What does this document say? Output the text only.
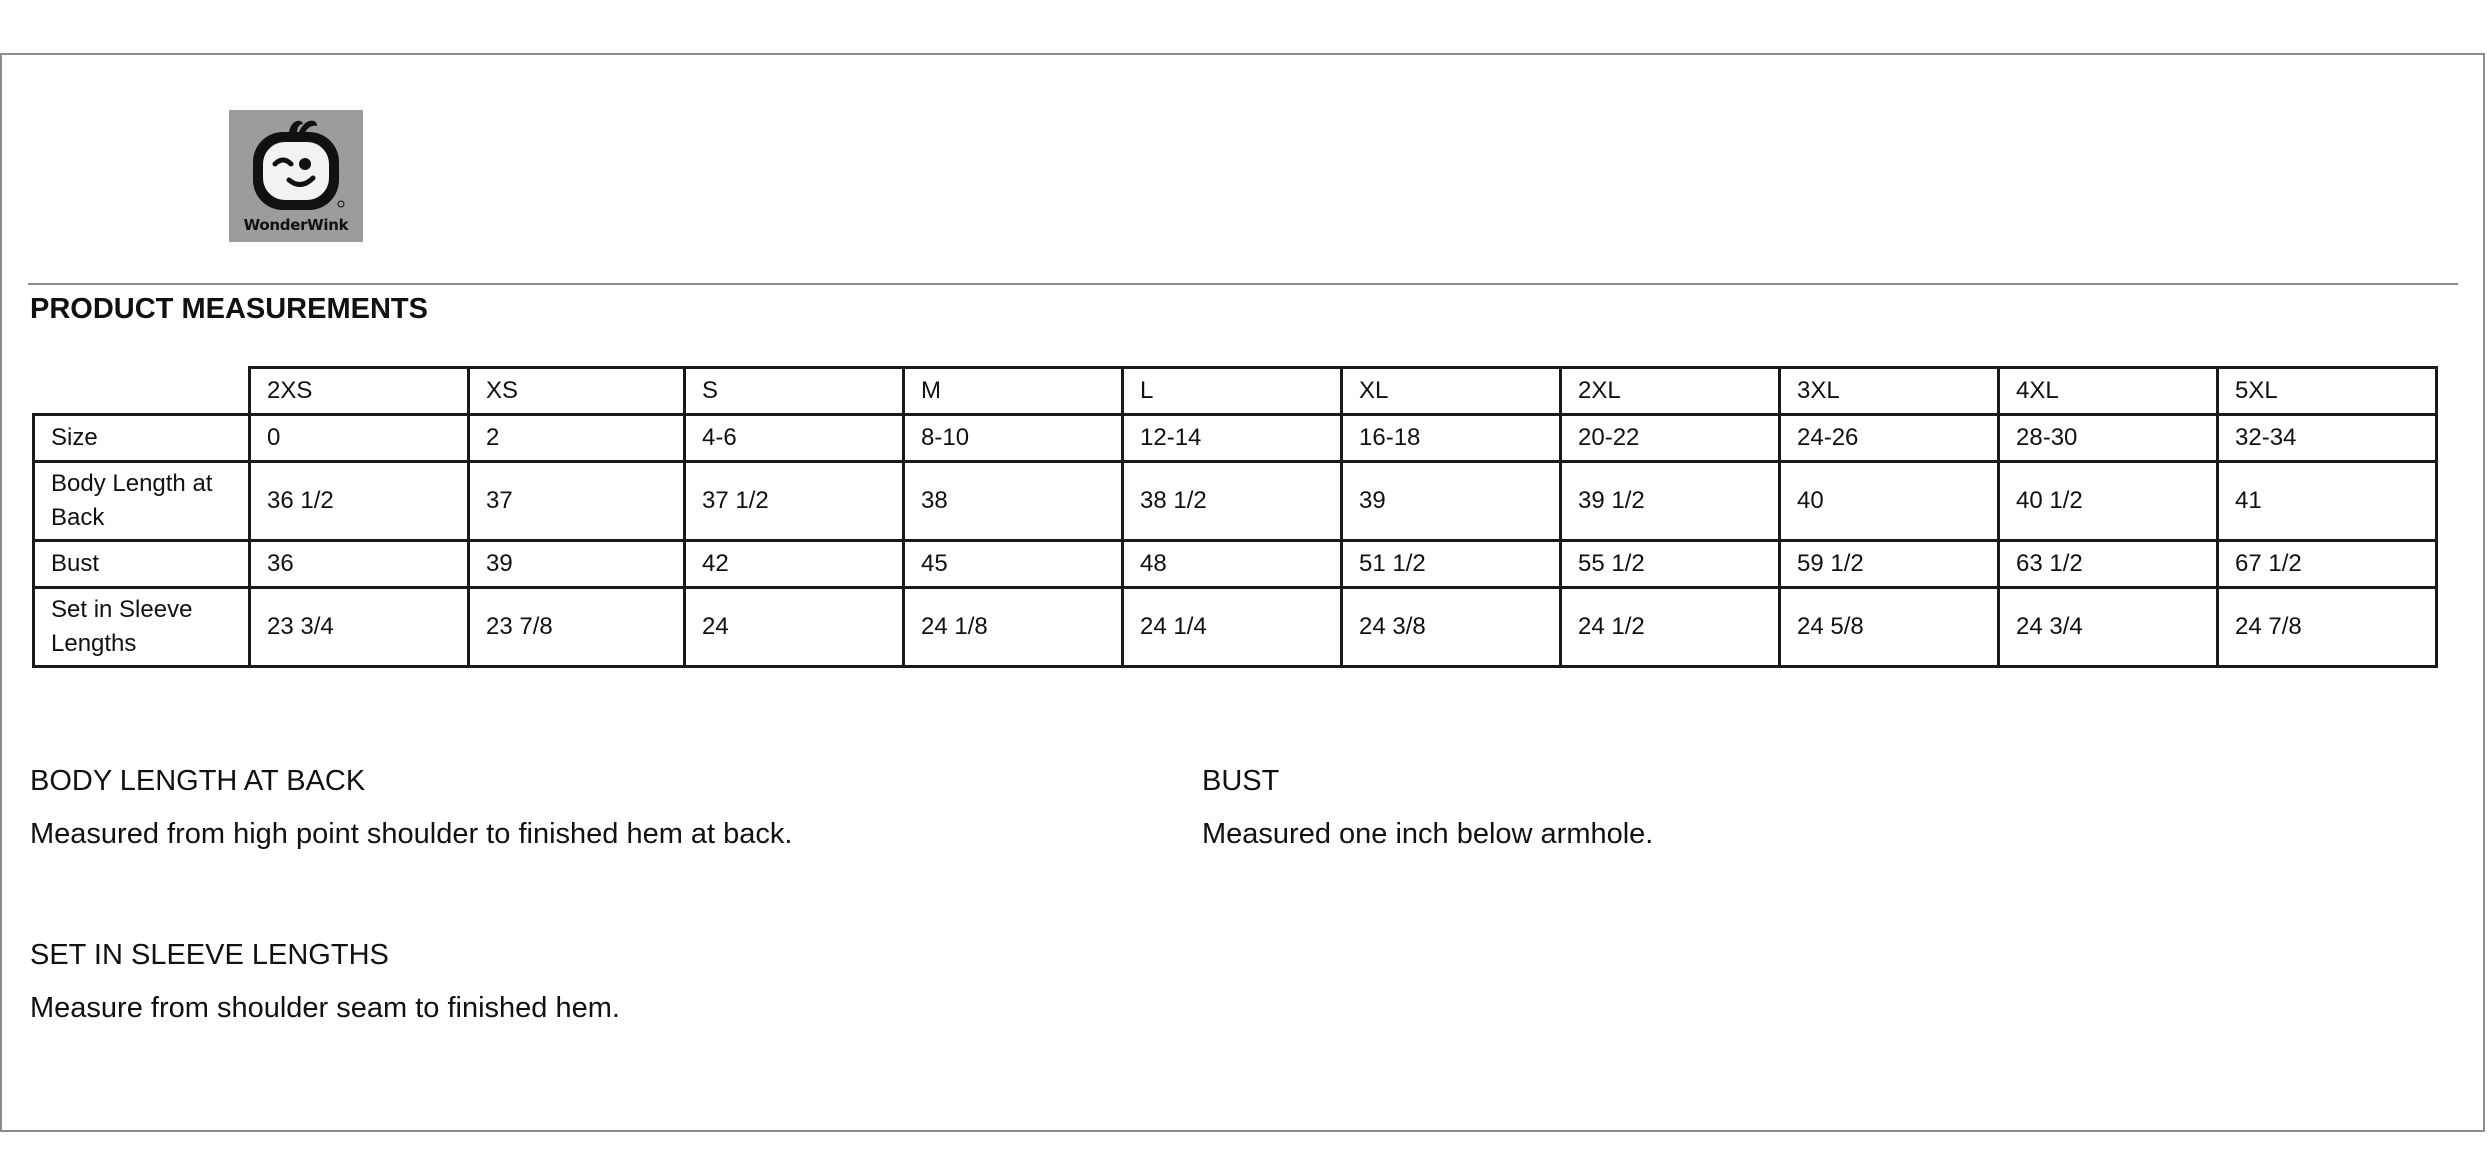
WonderWink
PRODUCT MEASUREMENTS
	2XS	XS	S	M	L	XL	2XL	3XL	4XL	5XL
Size	0	2	4-6	8-10	12-14	16-18	20-22	24-26	28-30	32-34
Body Length at Back	36 1/2	37	37 1/2	38	38 1/2	39	39 1/2	40	40 1/2	41
Bust	36	39	42	45	48	51 1/2	55 1/2	59 1/2	63 1/2	67 1/2
Set in Sleeve Lengths	23 3/4	23 7/8	24	24 1/8	24 1/4	24 3/8	24 1/2	24 5/8	24 3/4	24 7/8
BODY LENGTH AT BACK
Measured from high point shoulder to finished hem at back.
BUST
Measured one inch below armhole.
SET IN SLEEVE LENGTHS
Measure from shoulder seam to finished hem.
